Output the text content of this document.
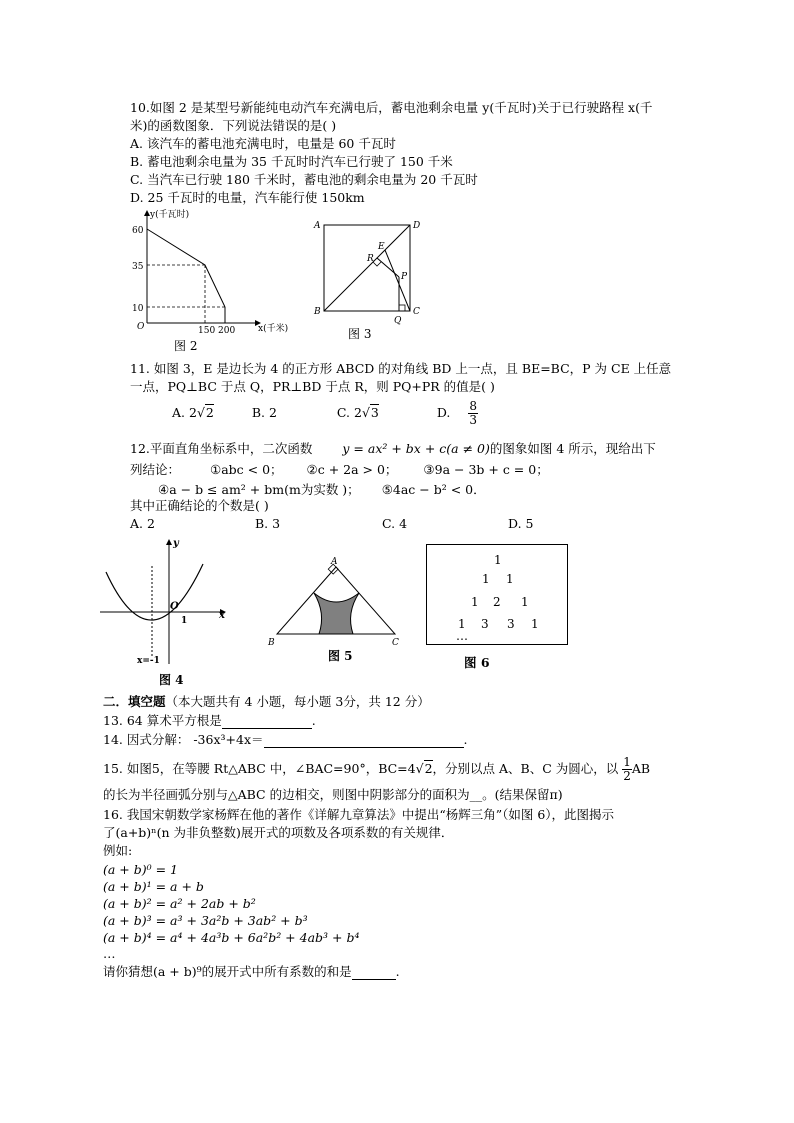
10.如图 2 是某型号新能纯电动汽车充满电后，蓄电池剩余电量 y(千瓦时)关于已行驶路程 x(千
米)的函数图象．下列说法错误的是( )
A. 该汽车的蓄电池充满电时，电量是 60 千瓦时
B. 蓄电池剩余电量为 35 千瓦时时汽车已行驶了 150 千米
C. 当汽车已行驶 180 千米时，蓄电池的剩余电量为 20 千瓦时
D. 25 千瓦时的电量，汽车能行使 150km
y(千瓦时)
60
35
10
O	150 200	x(千米)
图 2
A	D
B	C
E
R
P
Q
图 3
11. 如图 3，E 是边长为 4 的正方形 ABCD 的对角线 BD 上一点，且 BE=BC，P 为 CE 上任意
一点，PQ⊥BC 于点 Q，PR⊥BD 于点 R，则 PQ+PR 的值是( )
A. 2√2	B. 2	C. 2√3	D. $\frac{8}{3}$
12.平面直角坐标系中，二次函数 y = ax² + bx + c(a ≠ 0)的图象如图 4 所示，现给出下
列结论： ①abc < 0； ②c + 2a > 0； ③9a − 3b + c = 0；
④a − b ≤ am² + bm(m为实数 )； ⑤4ac − b² < 0．
其中正确结论的个数是( )
A. 2	B. 3	C. 4	D. 5
y
x
O
1
x=-1
图 4
A
B	C
图 5
1
1 1
1 2 1
1 3 3 1
…
图 6
二．填空题（本大题共有 4 小题，每小题 3分，共 12 分）
13. 64 算术平方根是	.
14. 因式分解： -36x³+4x＝	.
15. 如图5，在等腰 Rt△ABC 中，∠BAC=90°，BC=4√2，分别以点 A、B、C 为圆心，以 $\frac{1}{2}$ AB
的长为半径画弧分别与△ABC 的边相交，则图中阴影部分的面积为__。(结果保留π)
16. 我国宋朝数学家杨辉在他的著作《详解九章算法》中提出“杨辉三角”（如图 6），此图揭示
了(a+b)ⁿ(n 为非负整数)展开式的项数及各项系数的有关规律．
例如:
(a + b)⁰ = 1
(a + b)¹ = a + b
(a + b)² = a² + 2ab + b²
(a + b)³ = a³ + 3a²b + 3ab² + b³
(a + b)⁴ = a⁴ + 4a³b + 6a²b² + 4ab³ + b⁴
…
请你猜想(a + b)⁹的展开式中所有系数的和是	.
